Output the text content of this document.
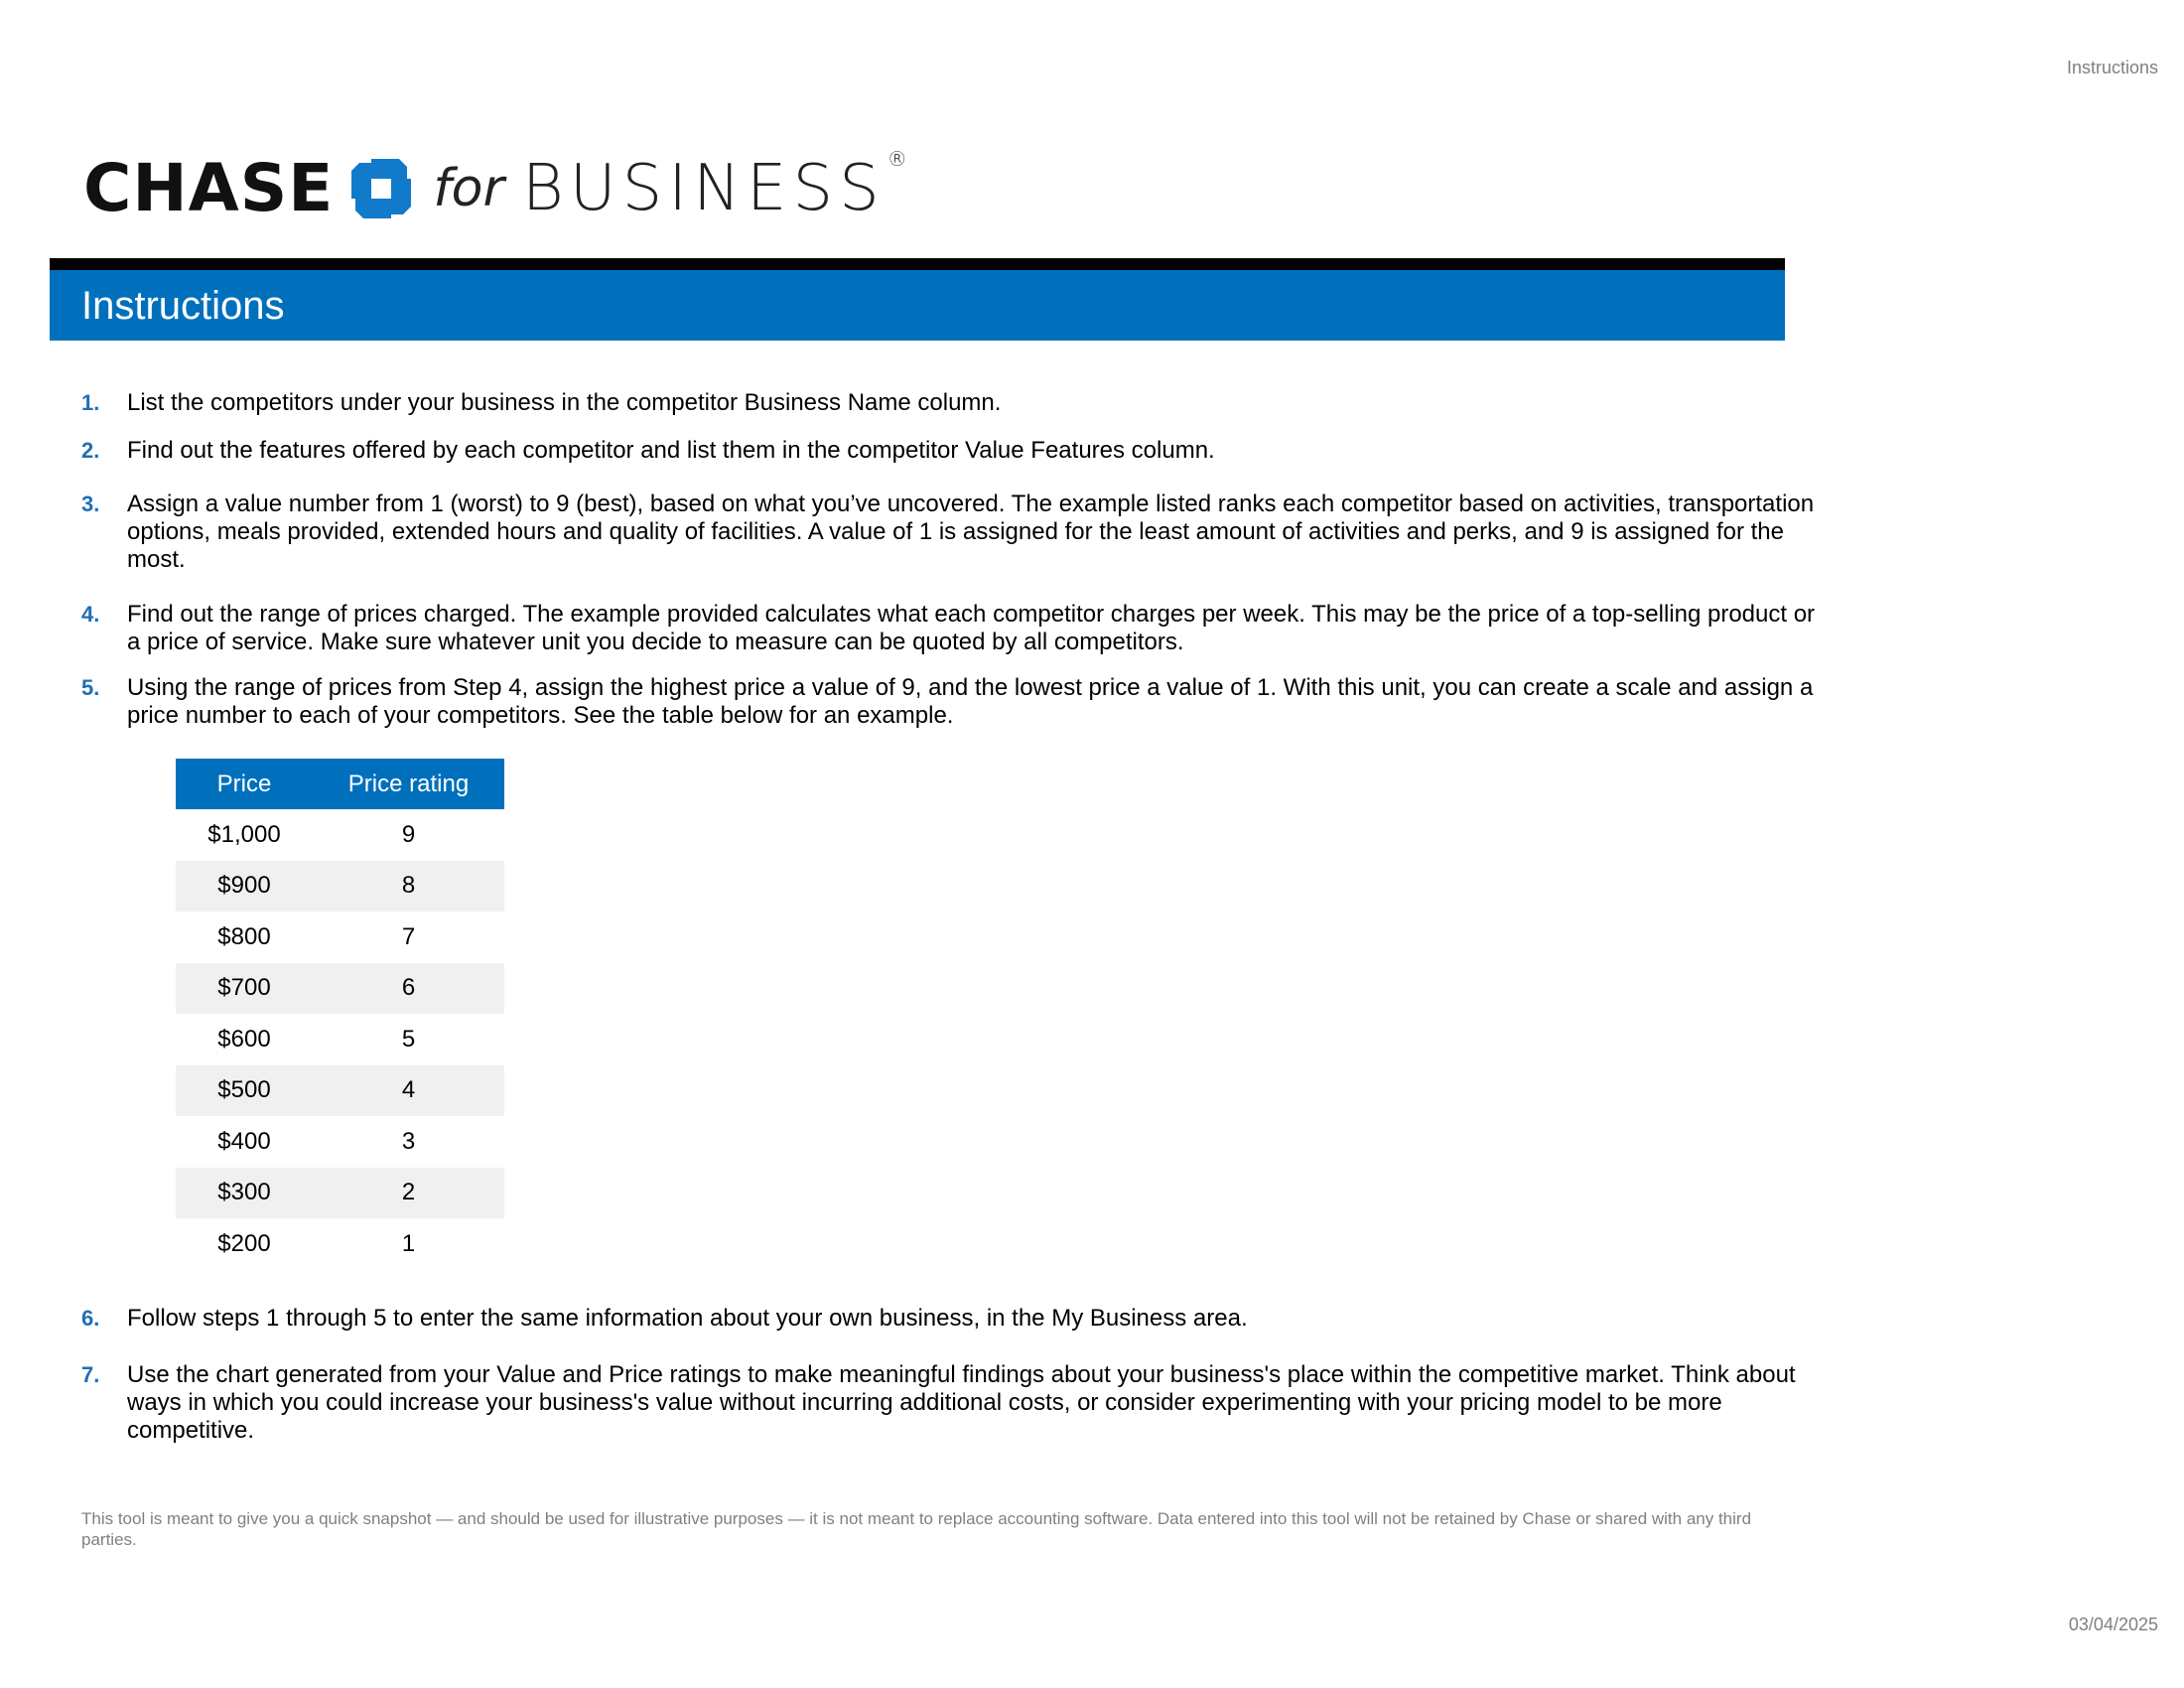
Instructions
CHASE for BUSINESS ®
Instructions
1. List the competitors under your business in the competitor Business Name column.
2. Find out the features offered by each competitor and list them in the competitor Value Features column.
3. Assign a value number from 1 (worst) to 9 (best), based on what you’ve uncovered. The example listed ranks each competitor based on activities, transportation options, meals provided, extended hours and quality of facilities. A value of 1 is assigned for the least amount of activities and perks, and 9 is assigned for the most.
4. Find out the range of prices charged. The example provided calculates what each competitor charges per week. This may be the price of a top-selling product or a price of service. Make sure whatever unit you decide to measure can be quoted by all competitors.
5. Using the range of prices from Step 4, assign the highest price a value of 9, and the lowest price a value of 1. With this unit, you can create a scale and assign a price number to each of your competitors. See the table below for an example.
Price	Price rating
$1,000	9
$900	8
$800	7
$700	6
$600	5
$500	4
$400	3
$300	2
$200	1
6. Follow steps 1 through 5 to enter the same information about your own business, in the My Business area.
7. Use the chart generated from your Value and Price ratings to make meaningful findings about your business's place within the competitive market. Think about ways in which you could increase your business's value without incurring additional costs, or consider experimenting with your pricing model to be more competitive.
This tool is meant to give you a quick snapshot — and should be used for illustrative purposes — it is not meant to replace accounting software. Data entered into this tool will not be retained by Chase or shared with any third parties.
03/04/2025
